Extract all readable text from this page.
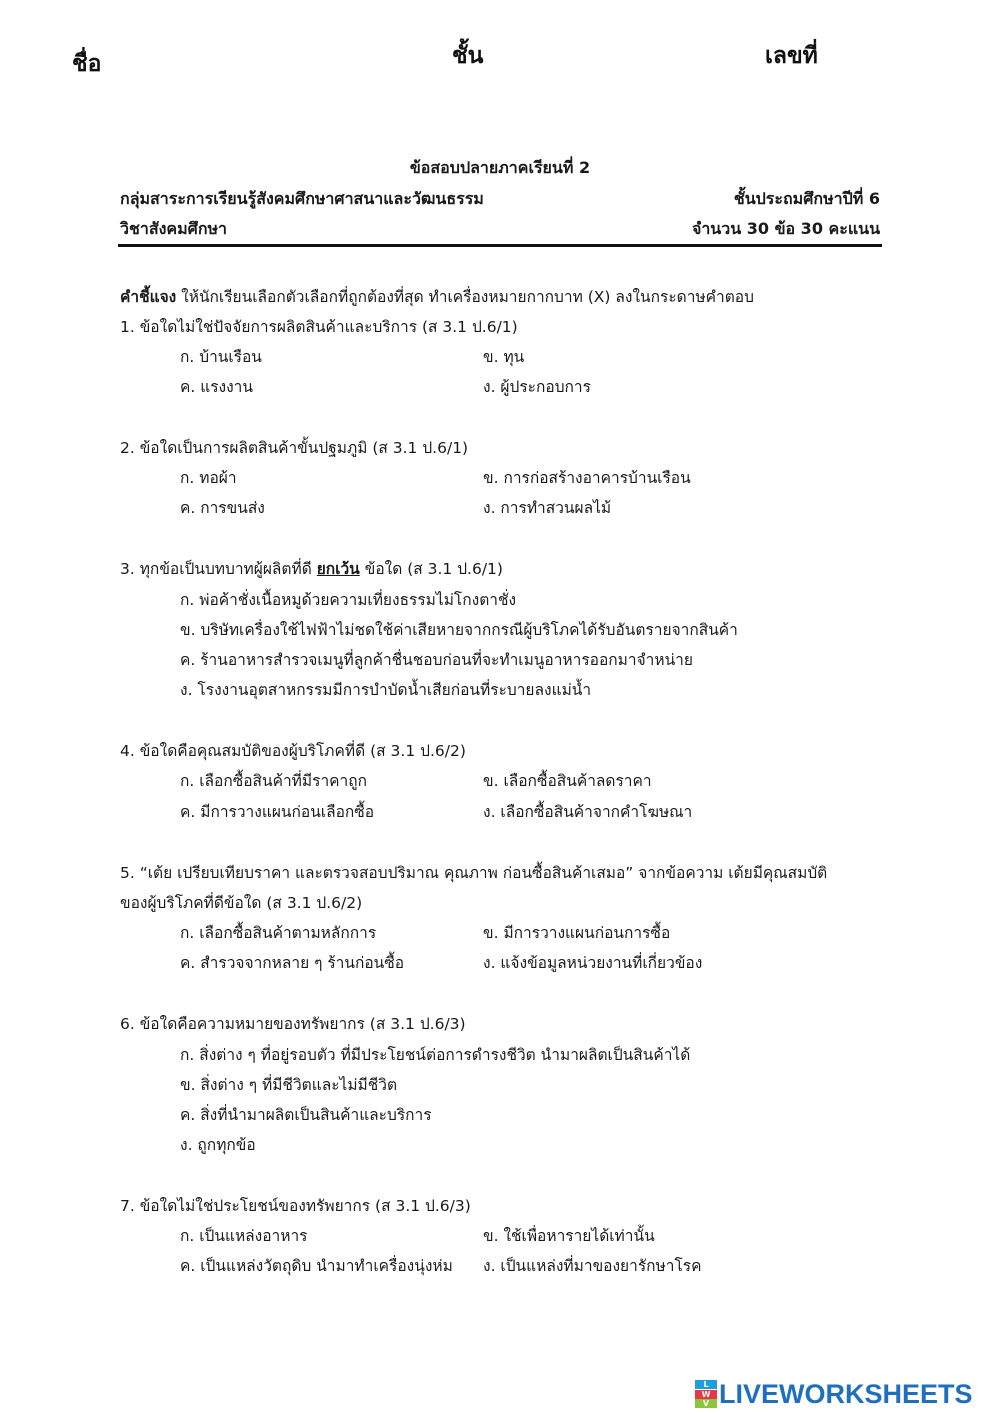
ชื่อ	ชั้น	เลขที่
ข้อสอบปลายภาคเรียนที่ 2
กลุ่มสาระการเรียนรู้สังคมศึกษาศาสนาและวัฒนธรรม	ชั้นประถมศึกษาปีที่ 6
วิชาสังคมศึกษา	จำนวน 30 ข้อ 30 คะแนน
คำชี้แจง ให้นักเรียนเลือกตัวเลือกที่ถูกต้องที่สุด ทำเครื่องหมายกากบาท (X) ลงในกระดาษคำตอบ
1. ข้อใดไม่ใช่ปัจจัยการผลิตสินค้าและบริการ (ส 3.1 ป.6/1)
ก. บ้านเรือน	ข. ทุน
ค. แรงงาน	ง. ผู้ประกอบการ
2. ข้อใดเป็นการผลิตสินค้าขั้นปฐมภูมิ (ส 3.1 ป.6/1)
ก. ทอผ้า	ข. การก่อสร้างอาคารบ้านเรือน
ค. การขนส่ง	ง. การทำสวนผลไม้
3. ทุกข้อเป็นบทบาทผู้ผลิตที่ดี ยกเว้น ข้อใด (ส 3.1 ป.6/1)
ก. พ่อค้าชั่งเนื้อหมูด้วยความเที่ยงธรรมไม่โกงตาชั่ง
ข. บริษัทเครื่องใช้ไฟฟ้าไม่ชดใช้ค่าเสียหายจากกรณีผู้บริโภคได้รับอันตรายจากสินค้า
ค. ร้านอาหารสำรวจเมนูที่ลูกค้าชื่นชอบก่อนที่จะทำเมนูอาหารออกมาจำหน่าย
ง. โรงงานอุตสาหกรรมมีการบำบัดน้ำเสียก่อนที่ระบายลงแม่น้ำ
4. ข้อใดคือคุณสมบัติของผู้บริโภคที่ดี (ส 3.1 ป.6/2)
ก. เลือกซื้อสินค้าที่มีราคาถูก	ข. เลือกซื้อสินค้าลดราคา
ค. มีการวางแผนก่อนเลือกซื้อ	ง. เลือกซื้อสินค้าจากคำโฆษณา
5. “เต้ย เปรียบเทียบราคา และตรวจสอบปริมาณ คุณภาพ ก่อนซื้อสินค้าเสมอ” จากข้อความ เต้ยมีคุณสมบัติ
ของผู้บริโภคที่ดีข้อใด (ส 3.1 ป.6/2)
ก. เลือกซื้อสินค้าตามหลักการ	ข. มีการวางแผนก่อนการซื้อ
ค. สำรวจจากหลาย ๆ ร้านก่อนซื้อ	ง. แจ้งข้อมูลหน่วยงานที่เกี่ยวข้อง
6. ข้อใดคือความหมายของทรัพยากร (ส 3.1 ป.6/3)
ก. สิ่งต่าง ๆ ที่อยู่รอบตัว ที่มีประโยชน์ต่อการดำรงชีวิต นำมาผลิตเป็นสินค้าได้
ข. สิ่งต่าง ๆ ที่มีชีวิตและไม่มีชีวิต
ค. สิ่งที่นำมาผลิตเป็นสินค้าและบริการ
ง. ถูกทุกข้อ
7. ข้อใดไม่ใช่ประโยชน์ของทรัพยากร (ส 3.1 ป.6/3)
ก. เป็นแหล่งอาหาร	ข. ใช้เพื่อหารายได้เท่านั้น
ค. เป็นแหล่งวัตถุดิบ นำมาทำเครื่องนุ่งห่ม ง. เป็นแหล่งที่มาของยารักษาโรค
L
W
V LIVEWORKSHEETS
